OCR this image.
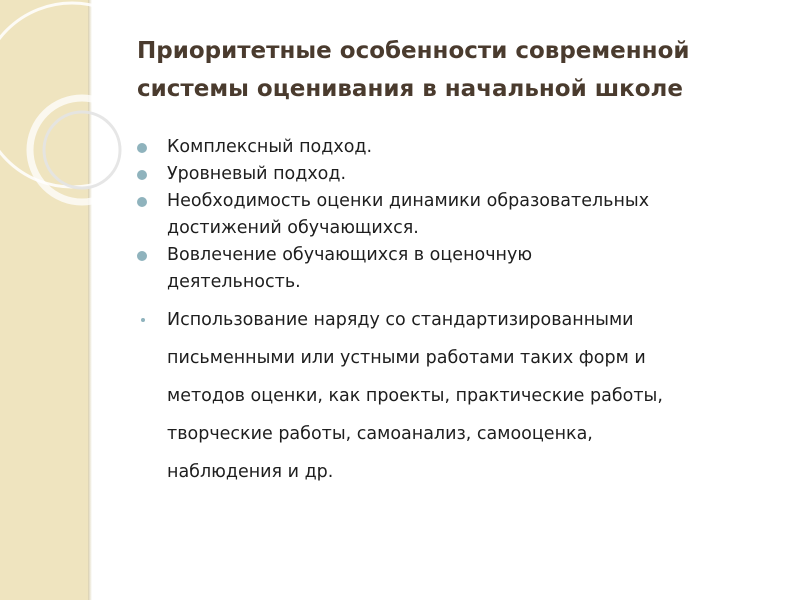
Приоритетные особенности современной
системы оценивания в начальной школе
Комплексный подход.
Уровневый подход.
Необходимость оценки динамики образовательных
достижений обучающихся.
Вовлечение обучающихся в оценочную
деятельность.
Использование наряду со стандартизированными
письменными или устными работами таких форм и
методов оценки, как проекты, практические работы,
творческие работы, самоанализ, самооценка,
наблюдения и др.
